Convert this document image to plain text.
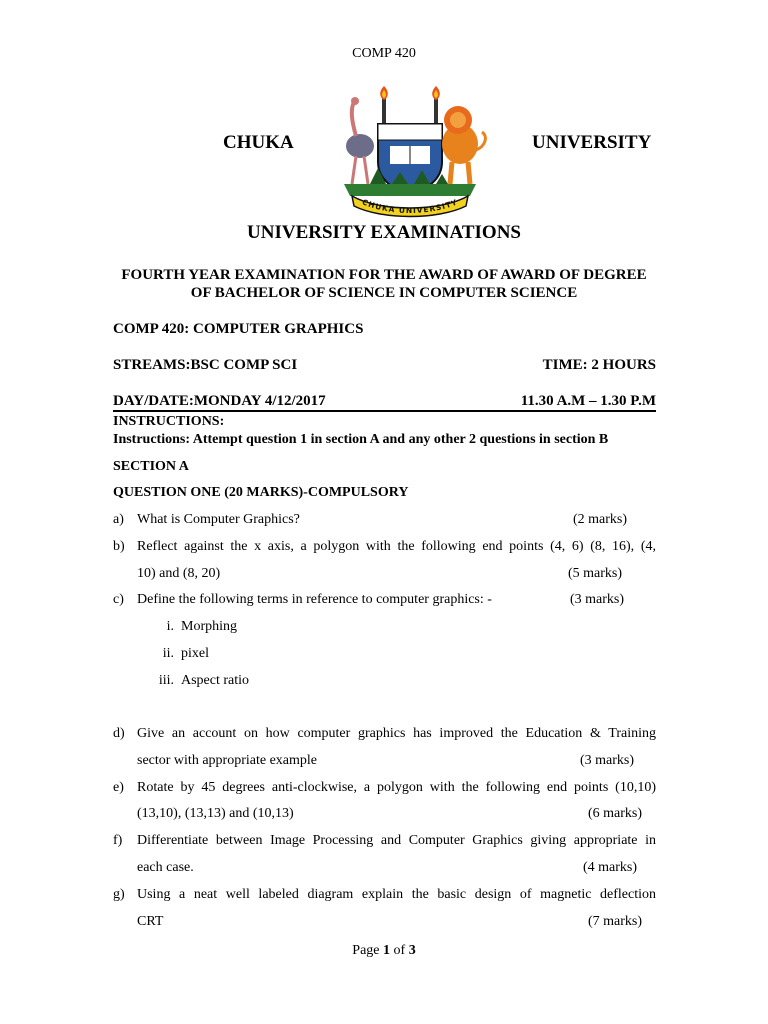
COMP 420
CHUKA	UNIVERSITY
CHUKA UNIVERSITY
UNIVERSITY EXAMINATIONS
FOURTH YEAR EXAMINATION FOR THE AWARD OF AWARD OF DEGREE
OF BACHELOR OF SCIENCE IN COMPUTER SCIENCE
COMP 420: COMPUTER GRAPHICS
STREAMS:BSC COMP SCI	TIME: 2 HOURS
DAY/DATE:MONDAY 4/12/2017	11.30 A.M – 1.30 P.M
INSTRUCTIONS:
Instructions: Attempt question 1 in section A and any other 2 questions in section B
SECTION A
QUESTION ONE (20 MARKS)-COMPULSORY
a) What is Computer Graphics?	(2 marks)
b) Reflect against the x axis, a polygon with the following end points (4, 6) (8, 16), (4,
10) and (8, 20)	(5 marks)
c) Define the following terms in reference to computer graphics: -	(3 marks)
i. Morphing
ii. pixel
iii. Aspect ratio
d) Give an account on how computer graphics has improved the Education & Training
sector with appropriate example	(3 marks)
e) Rotate by 45 degrees anti-clockwise, a polygon with the following end points (10,10)
(13,10), (13,13) and (10,13)	(6 marks)
f) Differentiate between Image Processing and Computer Graphics giving appropriate in
each case.	(4 marks)
g) Using a neat well labeled diagram explain the basic design of magnetic deflection
CRT	(7 marks)
Page 1 of 3
